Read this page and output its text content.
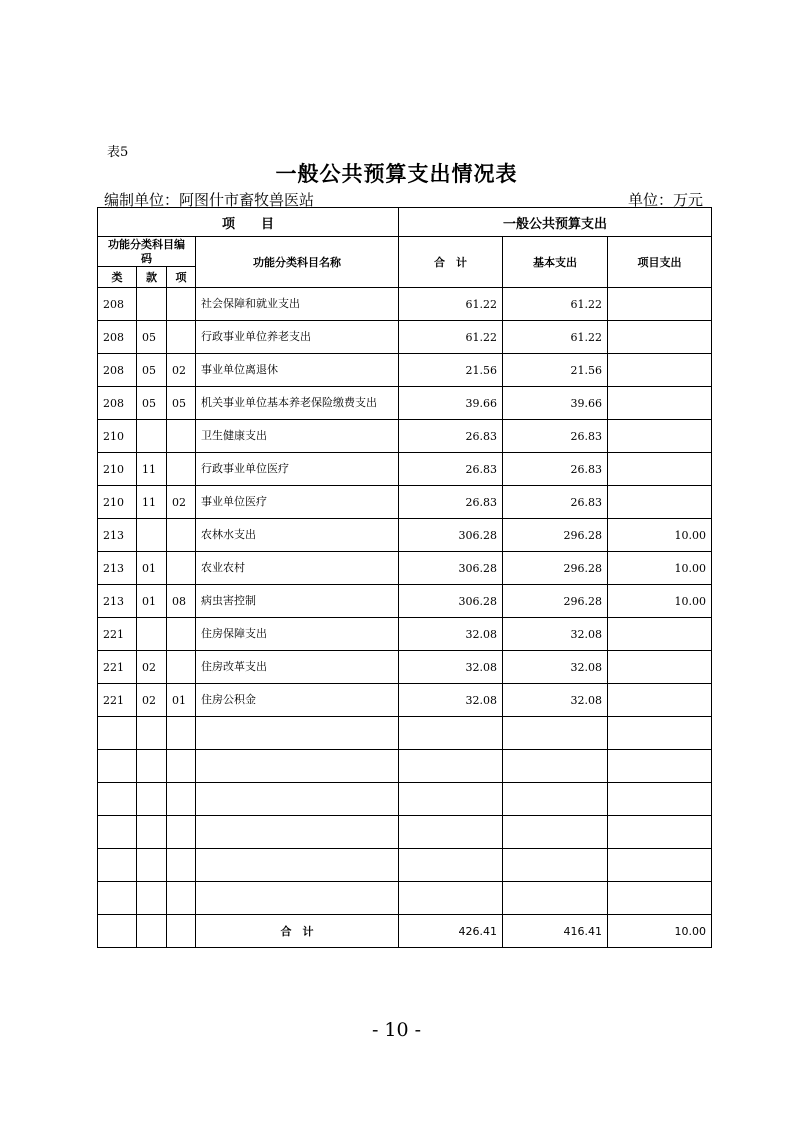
表5
一般公共预算支出情况表
编制单位：阿图什市畜牧兽医站	单位：万元
项　　目				一般公共预算支出		
功能分类科目编码			功能分类科目名称	合　计	基本支出	项目支出
类	款	项				
208			社会保障和就业支出	61.22	61.22	
208	05		行政事业单位养老支出	61.22	61.22	
208	05	02	事业单位离退休	21.56	21.56	
208	05	05	机关事业单位基本养老保险缴费支出	39.66	39.66	
210			卫生健康支出	26.83	26.83	
210	11		行政事业单位医疗	26.83	26.83	
210	11	02	事业单位医疗	26.83	26.83	
213			农林水支出	306.28	296.28	10.00
213	01		农业农村	306.28	296.28	10.00
213	01	08	病虫害控制	306.28	296.28	10.00
221			住房保障支出	32.08	32.08	
221	02		住房改革支出	32.08	32.08	
221	02	01	住房公积金	32.08	32.08	

			合　计	426.41	416.41	10.00
- 10 -
